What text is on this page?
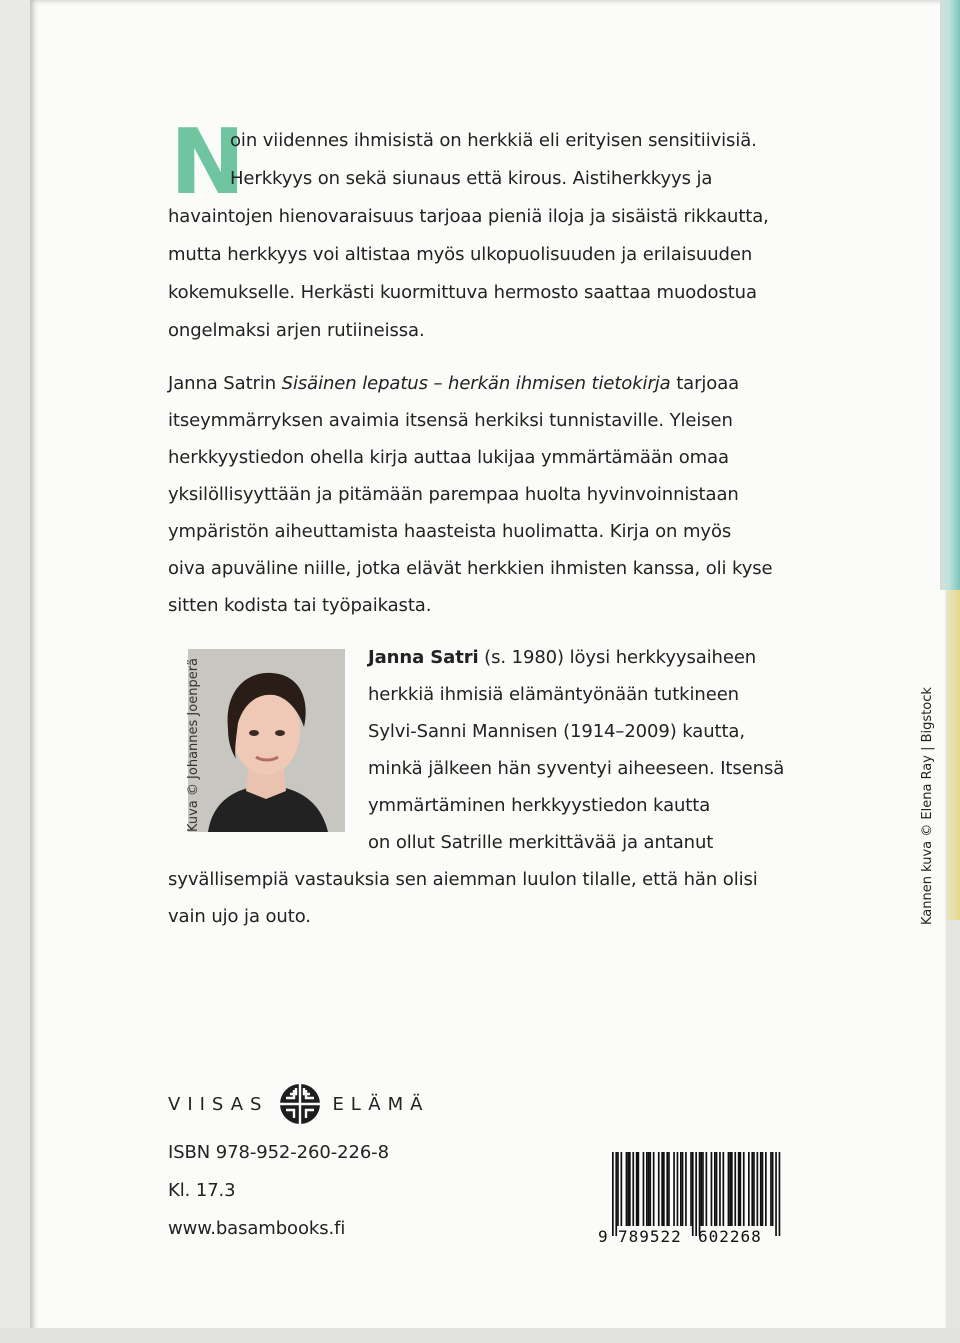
N
oin viidennes ihmisistä on herkkiä eli erityisen sensitiivisiä.
Herkkyys on sekä siunaus että kirous. Aistiherkkyys ja
havaintojen hienovaraisuus tarjoaa pieniä iloja ja sisäistä rikkautta,
mutta herkkyys voi altistaa myös ulkopuolisuuden ja erilaisuuden
kokemukselle. Herkästi kuormittuva hermosto saattaa muodostua
ongelmaksi arjen rutiineissa.
Janna Satrin Sisäinen lepatus – herkän ihmisen tietokirja tarjoaa
itseymmärryksen avaimia itsensä herkiksi tunnistaville. Yleisen
herkkyystiedon ohella kirja auttaa lukijaa ymmärtämään omaa
yksilöllisyyttään ja pitämään parempaa huolta hyvinvoinnistaan
ympäristön aiheuttamista haasteista huolimatta. Kirja on myös
oiva apuväline niille, jotka elävät herkkien ihmisten kanssa, oli kyse
sitten kodista tai työpaikasta.
Kuva © Johannes Joenperä
Janna Satri (s. 1980) löysi herkkyysaiheen
herkkiä ihmisiä elämäntyönään tutkineen
Sylvi-Sanni Mannisen (1914–2009) kautta,
minkä jälkeen hän syventyi aiheeseen. Itsensä
ymmärtäminen herkkyystiedon kautta
on ollut Satrille merkittävää ja antanut
syvällisempiä vastauksia sen aiemman luulon tilalle, että hän olisi
vain ujo ja outo.	Kannen kuva © Elena Ray | Bigstock
VIISAS	ELÄMÄ
ISBN 978-952-260-226-8
Kl. 17.3
www.basambooks.fi	9 789522 602268
